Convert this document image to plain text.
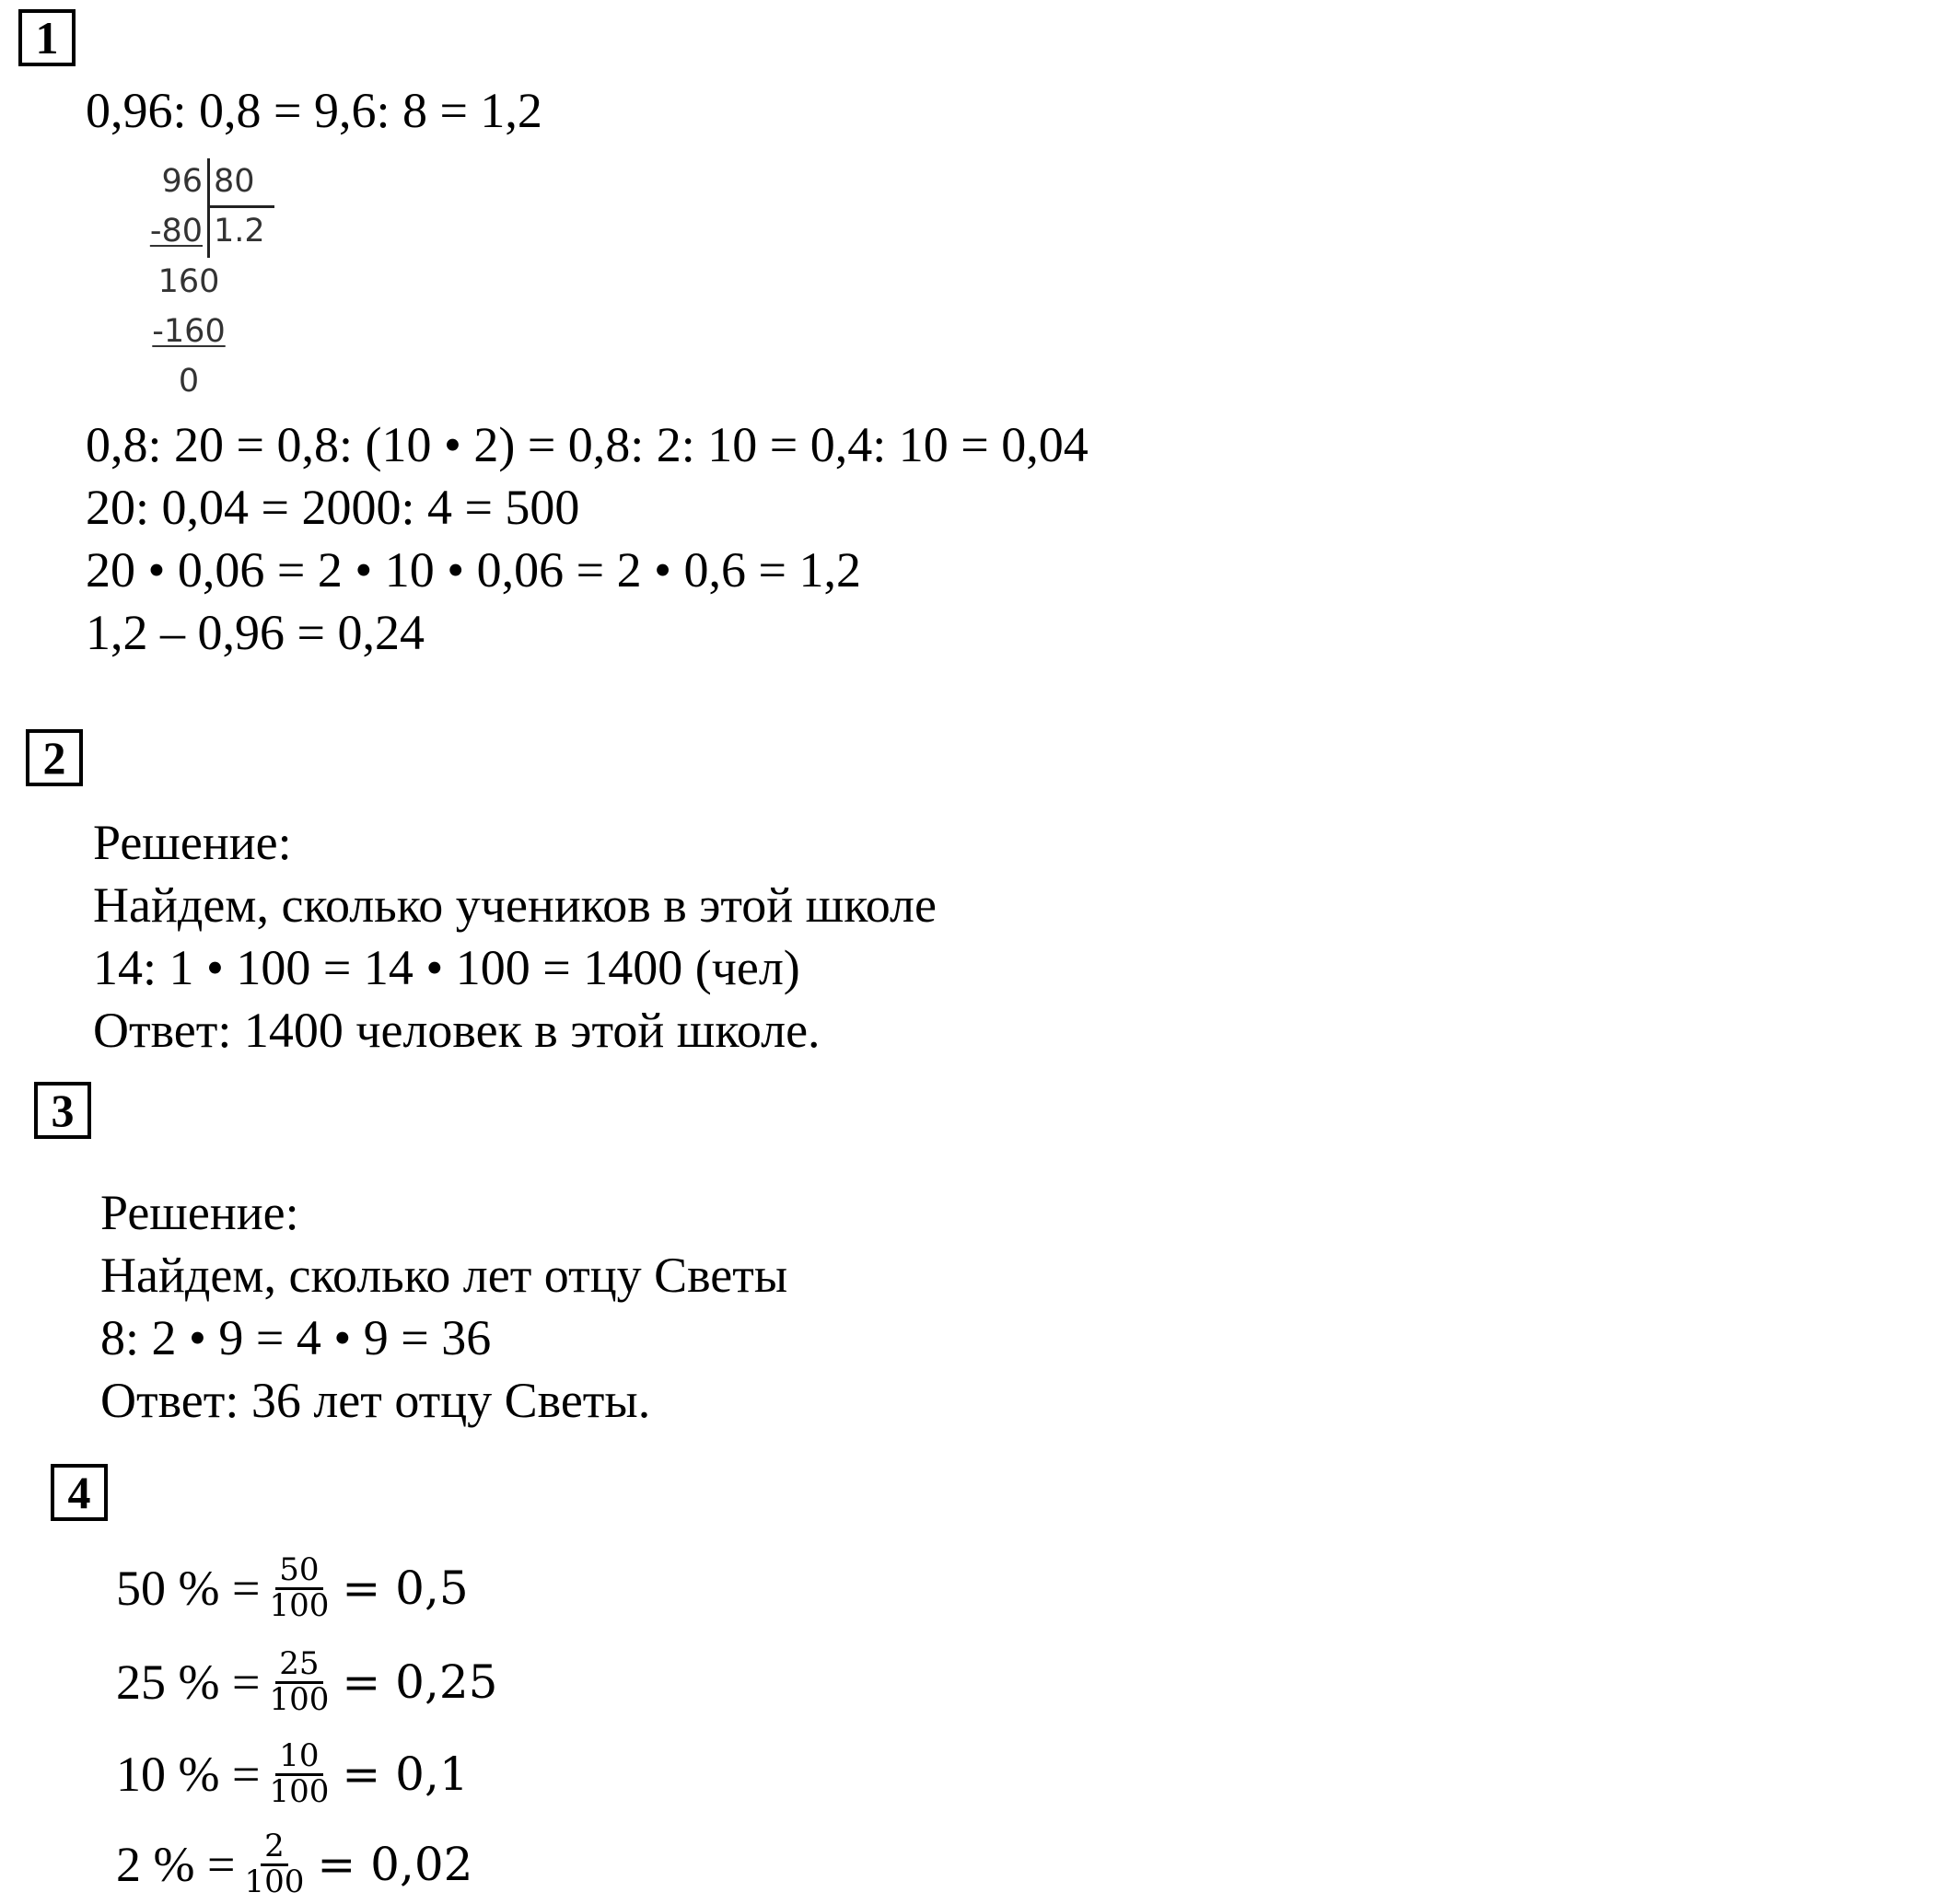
1
0,96: 0,8 = 9,6: 8 = 1,2
96 80
-80 1.2
160
-160
0
0,8: 20 = 0,8: (10 • 2) = 0,8: 2: 10 = 0,4: 10 = 0,04
20: 0,04 = 2000: 4 = 500
20 • 0,06 = 2 • 10 • 0,06 = 2 • 0,6 = 1,2
1,2 – 0,96 = 0,24
2
Решение:
Найдем, сколько учеников в этой школе
14: 1 • 100 = 14 • 100 = 1400 (чел)
Ответ: 1400 человек в этой школе.
3
Решение:
Найдем, сколько лет отцу Светы
8: 2 • 9 = 4 • 9 = 36
Ответ: 36 лет отцу Светы.
4
50 % = $\frac{50}{100} = 0,5$
25 % = $\frac{25}{100} = 0,25$
10 % = $\frac{10}{100} = 0,1$
2 % = $\frac{2}{100} = 0,02$
